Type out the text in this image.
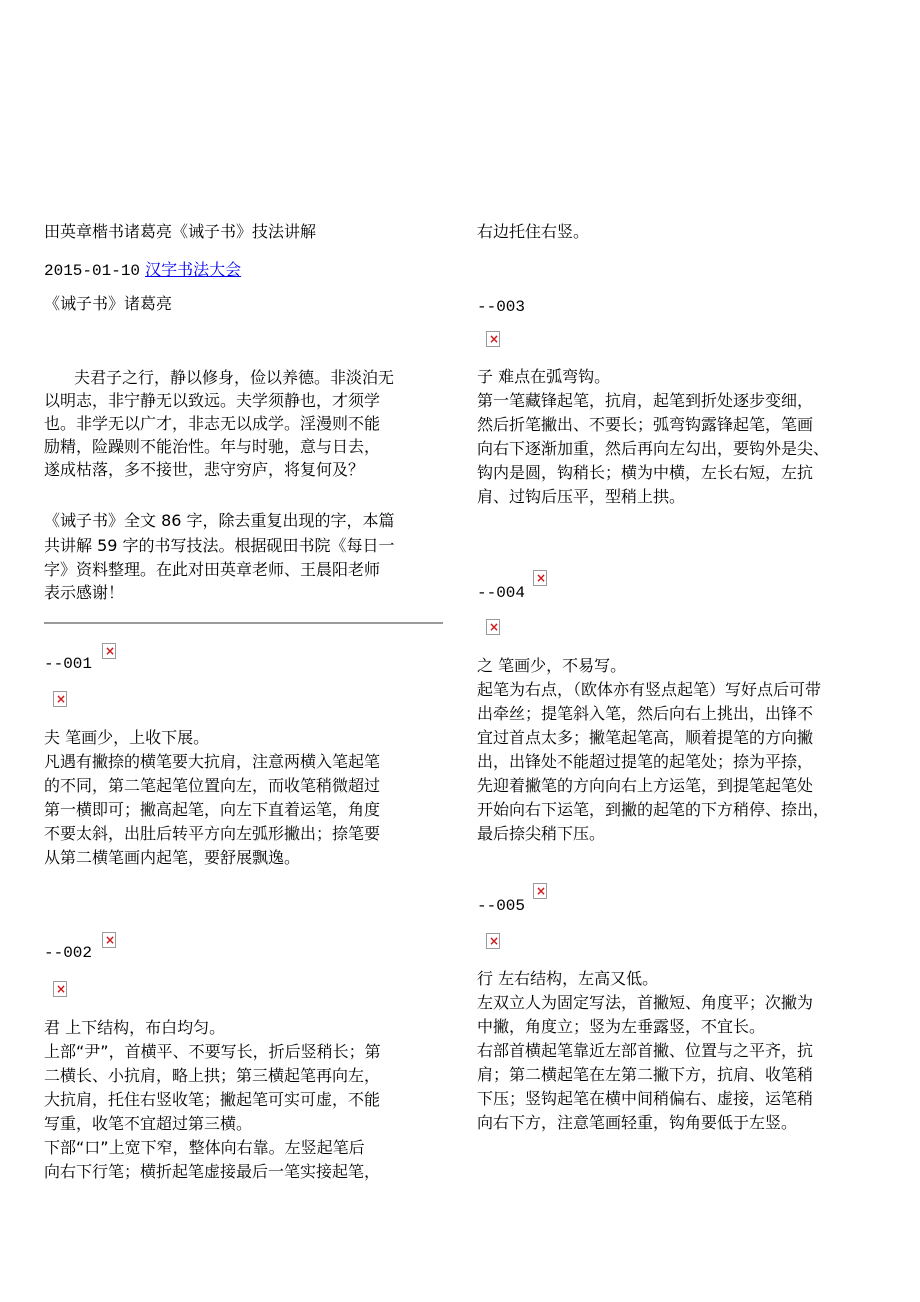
田英章楷书诸葛亮《诫子书》技法讲解
2015-01-10 汉字书法大会
《诫子书》诸葛亮
夫君子之行，静以修身，俭以养德。非淡泊无
以明志，非宁静无以致远。夫学须静也，才须学
也。非学无以广才，非志无以成学。淫漫则不能
励精，险躁则不能治性。年与时驰，意与日去，
遂成枯落，多不接世，悲守穷庐，将复何及？
《诫子书》全文 86 字，除去重复出现的字，本篇
共讲解 59 字的书写技法。根据砚田书院《每日一
字》资料整理。在此对田英章老师、王晨阳老师
表示感谢！
--001
×
×
夫 笔画少，上收下展。
凡遇有撇捺的横笔要大抗肩，注意两横入笔起笔
的不同，第二笔起笔位置向左，而收笔稍微超过
第一横即可；撇高起笔，向左下直着运笔，角度
不要太斜，出肚后转平方向左弧形撇出；捺笔要
从第二横笔画内起笔，要舒展飘逸。
--002
×
×
君 上下结构，布白均匀。
上部“尹”，首横平、不要写长，折后竖稍长；第
二横长、小抗肩，略上拱；第三横起笔再向左，
大抗肩，托住右竖收笔；撇起笔可实可虚，不能
写重，收笔不宜超过第三横。
下部“口”上宽下窄，整体向右靠。左竖起笔后
向右下行笔；横折起笔虚接最后一笔实接起笔，
右边托住右竖。
--003
×
子 难点在弧弯钩。
第一笔藏锋起笔，抗肩，起笔到折处逐步变细，
然后折笔撇出、不要长；弧弯钩露锋起笔，笔画
向右下逐渐加重，然后再向左勾出，要钩外是尖、
钩内是圆，钩稍长；横为中横，左长右短，左抗
肩、过钩后压平，型稍上拱。
--004
×
×
之 笔画少，不易写。
起笔为右点，（欧体亦有竖点起笔）写好点后可带
出牵丝；提笔斜入笔，然后向右上挑出，出锋不
宜过首点太多；撇笔起笔高，顺着提笔的方向撇
出，出锋处不能超过提笔的起笔处；捺为平捺，
先迎着撇笔的方向向右上方运笔，到提笔起笔处
开始向右下运笔，到撇的起笔的下方稍停、捺出，
最后捺尖稍下压。
--005
×
×
行 左右结构，左高又低。
左双立人为固定写法，首撇短、角度平；次撇为
中撇，角度立；竖为左垂露竖，不宜长。
右部首横起笔靠近左部首撇、位置与之平齐，抗
肩；第二横起笔在左第二撇下方，抗肩、收笔稍
下压；竖钩起笔在横中间稍偏右、虚接，运笔稍
向右下方，注意笔画轻重，钩角要低于左竖。
